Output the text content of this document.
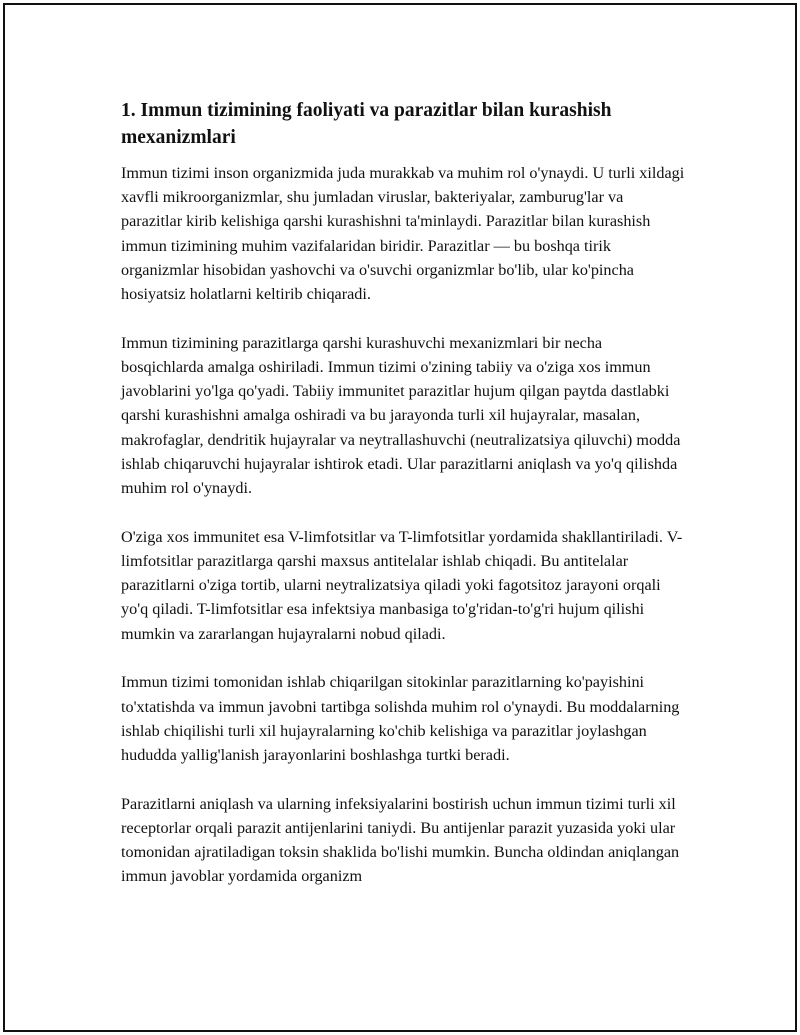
1. Immun tizimining faoliyati va parazitlar bilan kurashish mexanizmlari

Immun tizimi inson organizmida juda murakkab va muhim rol o'ynaydi. U turli xildagi xavfli mikroorganizmlar, shu jumladan viruslar, bakteriyalar, zamburug'lar va parazitlar kirib kelishiga qarshi kurashishni ta'minlaydi. Parazitlar bilan kurashish immun tizimining muhim vazifalaridan biridir. Parazitlar — bu boshqa tirik organizmlar hisobidan yashovchi va o'suvchi organizmlar bo'lib, ular ko'pincha hosiyatsiz holatlarni keltirib chiqaradi.

Immun tizimining parazitlarga qarshi kurashuvchi mexanizmlari bir necha bosqichlarda amalga oshiriladi. Immun tizimi o'zining tabiiy va o'ziga xos immun javoblarini yo'lga qo'yadi. Tabiiy immunitet parazitlar hujum qilgan paytda dastlabki qarshi kurashishni amalga oshiradi va bu jarayonda turli xil hujayralar, masalan, makrofaglar, dendritik hujayralar va neytrallashuvchi (neutralizatsiya qiluvchi) modda ishlab chiqaruvchi hujayralar ishtirok etadi. Ular parazitlarni aniqlash va yo'q qilishda muhim rol o'ynaydi.

O'ziga xos immunitet esa V-limfotsitlar va T-limfotsitlar yordamida shakllantiriladi. V-limfotsitlar parazitlarga qarshi maxsus antitelalar ishlab chiqadi. Bu antitelalar parazitlarni o'ziga tortib, ularni neytralizatsiya qiladi yoki fagotsitoz jarayoni orqali yo'q qiladi. T-limfotsitlar esa infektsiya manbasiga to'g'ridan-to'g'ri hujum qilishi mumkin va zararlangan hujayralarni nobud qiladi.

Immun tizimi tomonidan ishlab chiqarilgan sitokinlar parazitlarning ko'payishini to'xtatishda va immun javobni tartibga solishda muhim rol o'ynaydi. Bu moddalarning ishlab chiqilishi turli xil hujayralarning ko'chib kelishiga va parazitlar joylashgan hududda yallig'lanish jarayonlarini boshlashga turtki beradi.

Parazitlarni aniqlash va ularning infeksiyalarini bostirish uchun immun tizimi turli xil receptorlar orqali parazit antijenlarini taniydi. Bu antijenlar parazit yuzasida yoki ular tomonidan ajratiladigan toksin shaklida bo'lishi mumkin. Buncha oldindan aniqlangan immun javoblar yordamida organizm
